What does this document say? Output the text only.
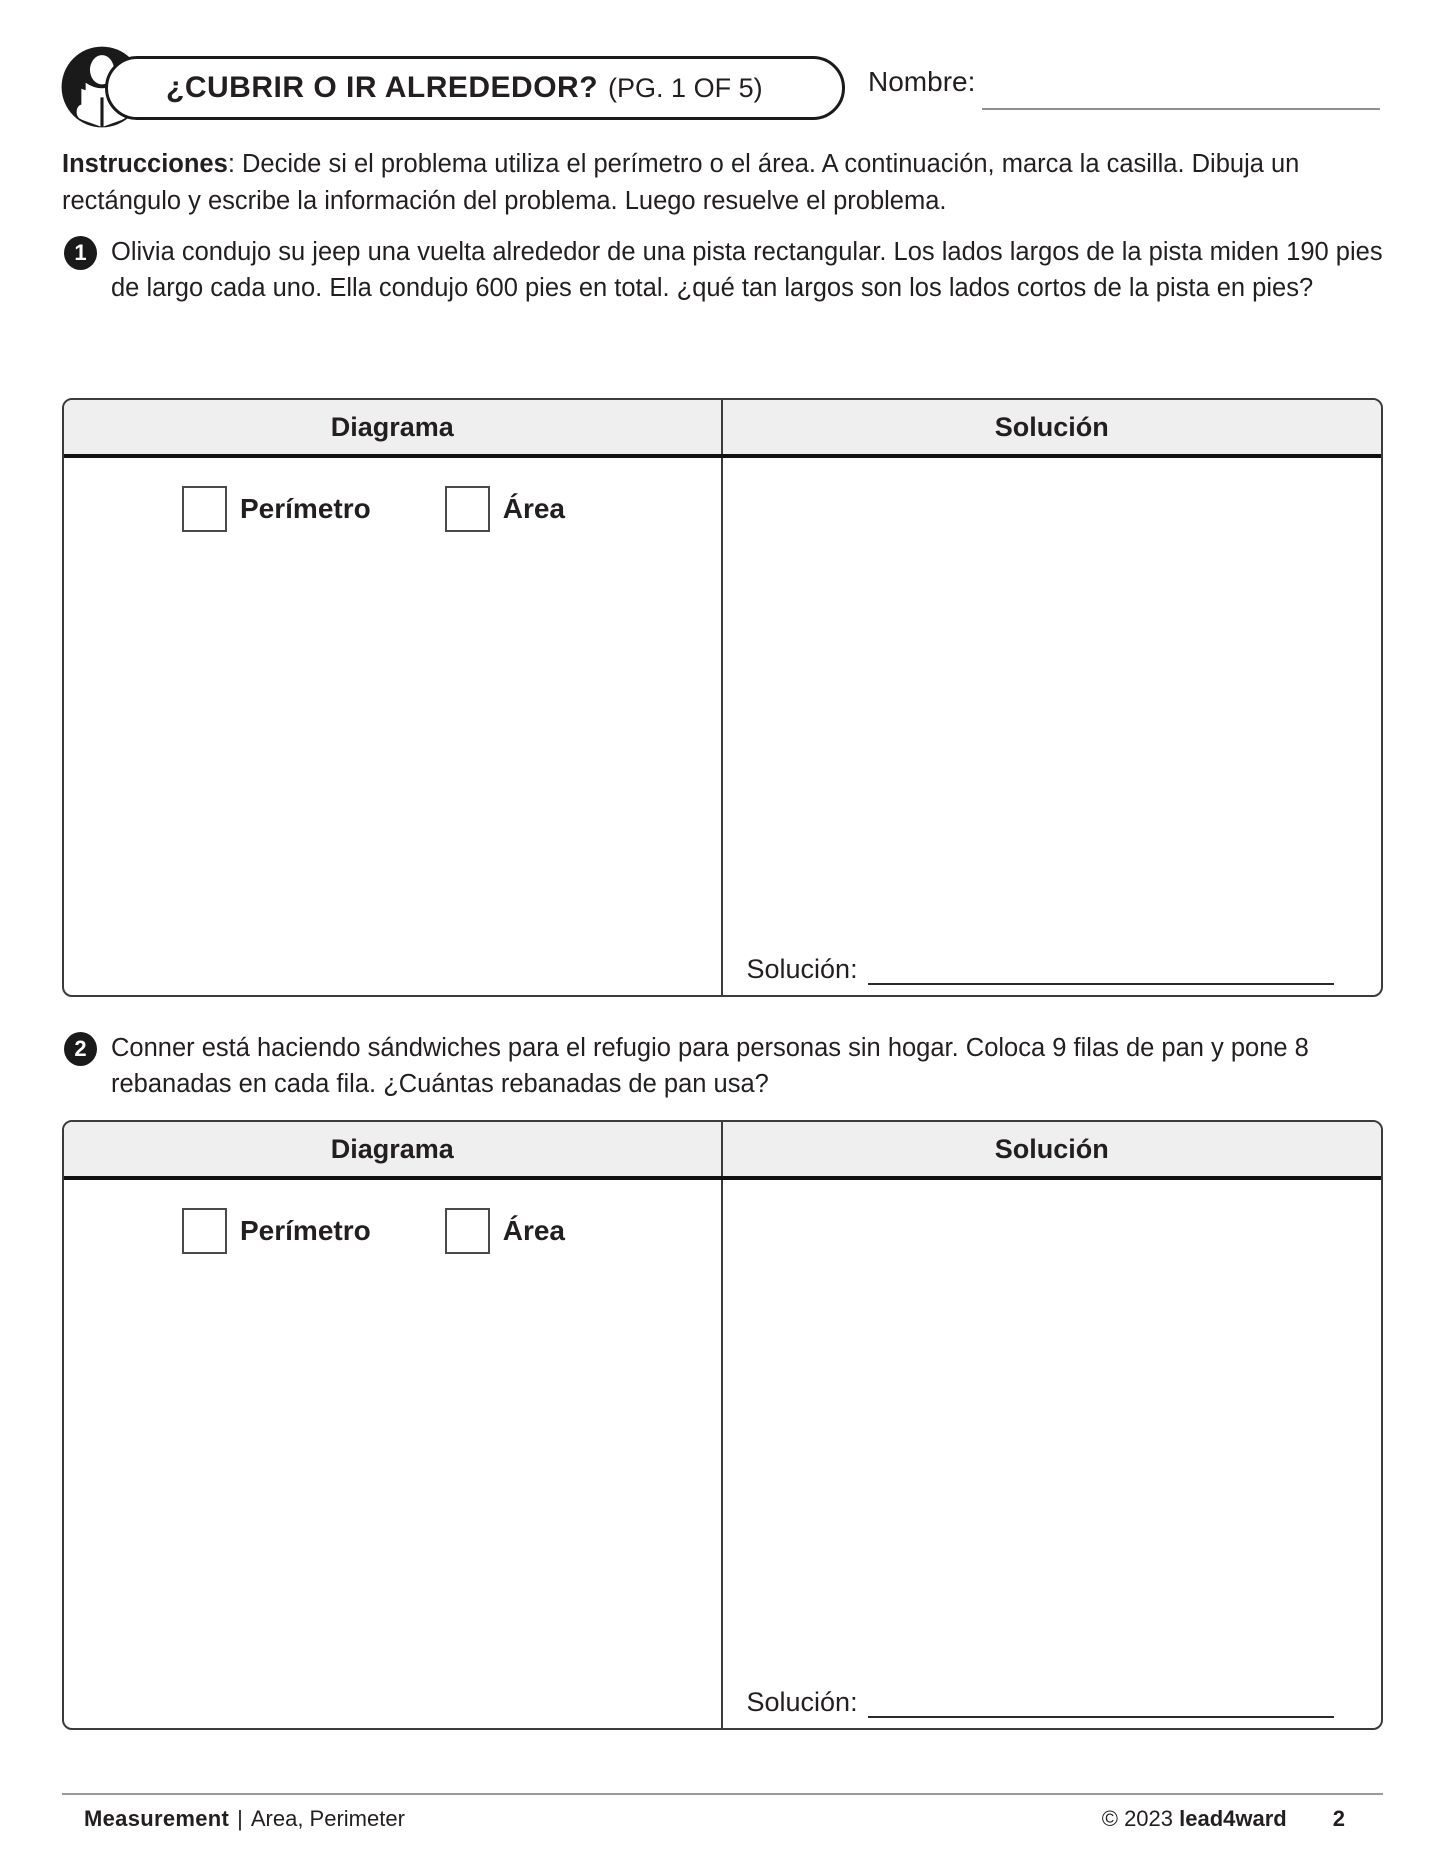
¿CUBRIR O IR ALREDEDOR? (PG. 1 OF 5)	Nombre:
Instrucciones: Decide si el problema utiliza el perímetro o el área. A continuación, marca la casilla. Dibuja un rectángulo y escribe la información del problema. Luego resuelve el problema.
1 Olivia condujo su jeep una vuelta alrededor de una pista rectangular. Los lados largos de la pista miden 190 pies de largo cada uno. Ella condujo 600 pies en total. ¿qué tan largos son los lados cortos de la pista en pies?
Diagrama	Solución
Perímetro	Área
Solución:
2 Conner está haciendo sándwiches para el refugio para personas sin hogar. Coloca 9 filas de pan y pone 8 rebanadas en cada fila. ¿Cuántas rebanadas de pan usa?
Diagrama	Solución
Perímetro	Área
Solución:
Measurement | Area, Perimeter	© 2023 lead4ward 2
